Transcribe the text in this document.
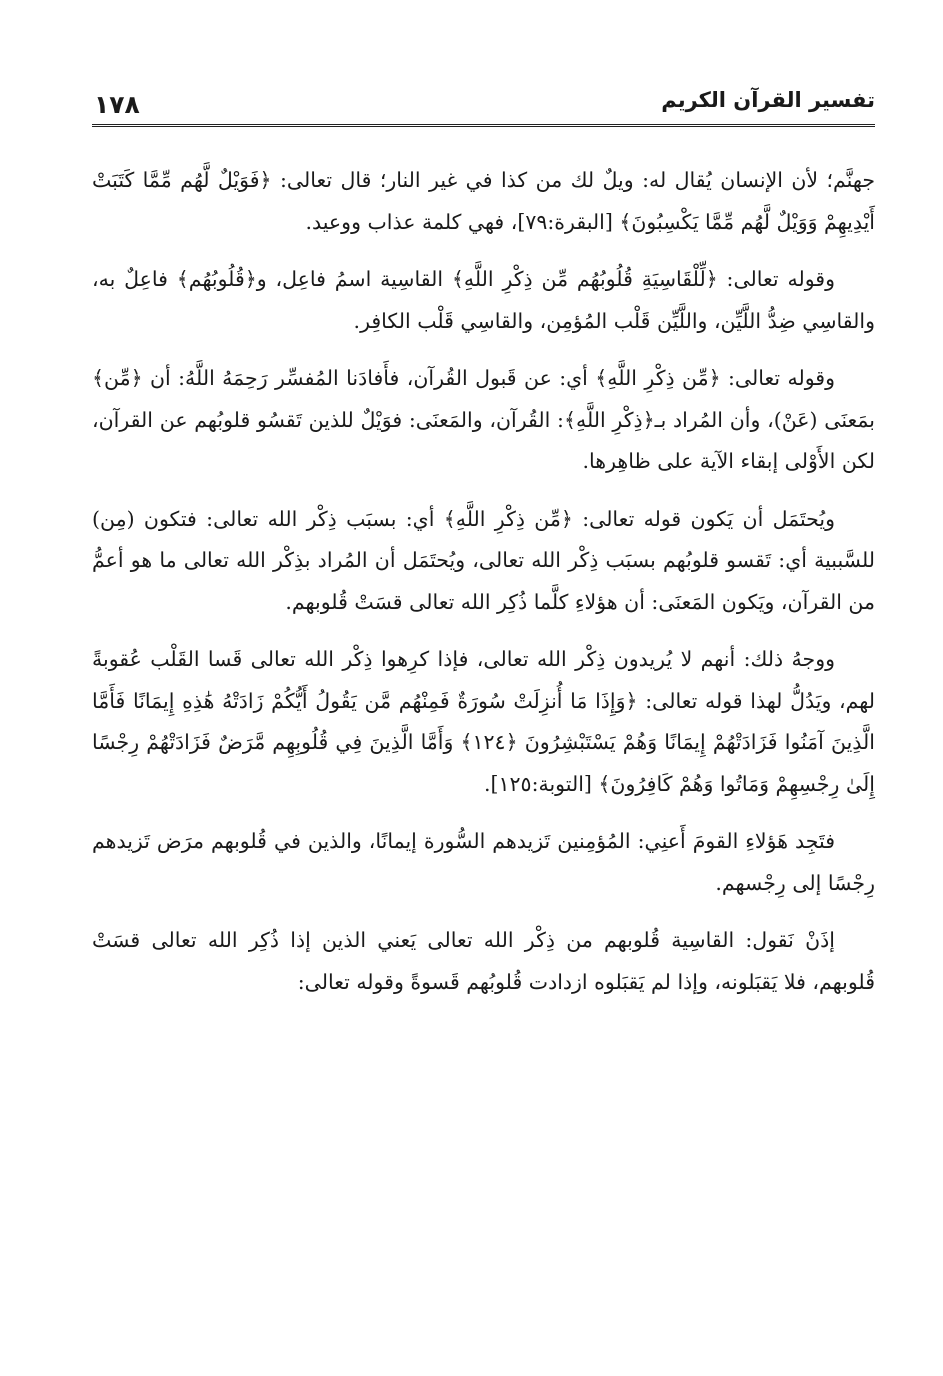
١٧٨	تفسير القرآن الكريم

جهنَّم؛ لأن الإنسان يُقال له: ويلٌ لك من كذا في غير النار؛ قال تعالى: ﴿فَوَيْلٌ لَّهُم مِّمَّا كَتَبَتْ أَيْدِيهِمْ وَوَيْلٌ لَّهُم مِّمَّا يَكْسِبُونَ﴾ [البقرة:٧٩]، فهي كلمة عذاب ووعيد.

وقوله تعالى: ﴿لِّلْقَاسِيَةِ قُلُوبُهُم مِّن ذِكْرِ اللَّهِ﴾ القاسِية اسمُ فاعِل، و﴿قُلُوبُهُم﴾ فاعِلٌ به، والقاسِي ضِدُّ اللَّيِّن، واللَّيِّن قَلْب المُؤمِن، والقاسِي قَلْب الكافِر.

وقوله تعالى: ﴿مِّن ذِكْرِ اللَّهِ﴾ أي: عن قَبول القُرآن، فأَفادَنا المُفسِّر رَحِمَهُ اللَّهُ: أن ﴿مِّن﴾ بمَعنَى (عَنْ)، وأن المُراد بـ﴿ذِكْرِ اللَّهِ﴾: القُرآن، والمَعنَى: فوَيْلٌ للذين تَقسُو قلوبُهم عن القرآن، لكن الأَوْلى إبقاء الآية على ظاهِرها.

ويُحتَمَل أن يَكون قوله تعالى: ﴿مِّن ذِكْرِ اللَّهِ﴾ أي: بسبَب ذِكْر الله تعالى: فتكون (مِن) للسَّببية أي: تَقسو قلوبُهم بسبَب ذِكْر الله تعالى، ويُحتَمَل أن المُراد بذِكْر الله تعالى ما هو أعمُّ من القرآن، ويَكون المَعنَى: أن هؤلاءِ كلَّما ذُكِر الله تعالى قسَتْ قُلوبهم.

ووجهُ ذلك: أنهم لا يُريدون ذِكْر الله تعالى، فإذا كرِهوا ذِكْر الله تعالى قَسا القَلْب عُقوبةً لهم، ويَدُلُّ لهذا قوله تعالى: ﴿وَإِذَا مَا أُنزِلَتْ سُورَةٌ فَمِنْهُم مَّن يَقُولُ أَيُّكُمْ زَادَتْهُ هَٰذِهِ إِيمَانًا فَأَمَّا الَّذِينَ آمَنُوا فَزَادَتْهُمْ إِيمَانًا وَهُمْ يَسْتَبْشِرُونَ ﴿١٢٤﴾ وَأَمَّا الَّذِينَ فِي قُلُوبِهِم مَّرَضٌ فَزَادَتْهُمْ رِجْسًا إِلَىٰ رِجْسِهِمْ وَمَاتُوا وَهُمْ كَافِرُونَ﴾ [التوبة:١٢٥].

فتَجِد هَؤلاءِ القومَ أَعنِي: المُؤمِنين تَزيدهم السُّورة إيمانًا، والذين في قُلوبهم مرَض تَزيدهم رِجْسًا إلى رِجْسهم.

إذَنْ نَقول: القاسِية قُلوبهم من ذِكْر الله تعالى يَعني الذين إذا ذُكِر الله تعالى قسَتْ قُلوبهم، فلا يَقبَلونه، وإذا لم يَقبَلوه ازدادت قُلوبُهم قَسوةً وقوله تعالى:
